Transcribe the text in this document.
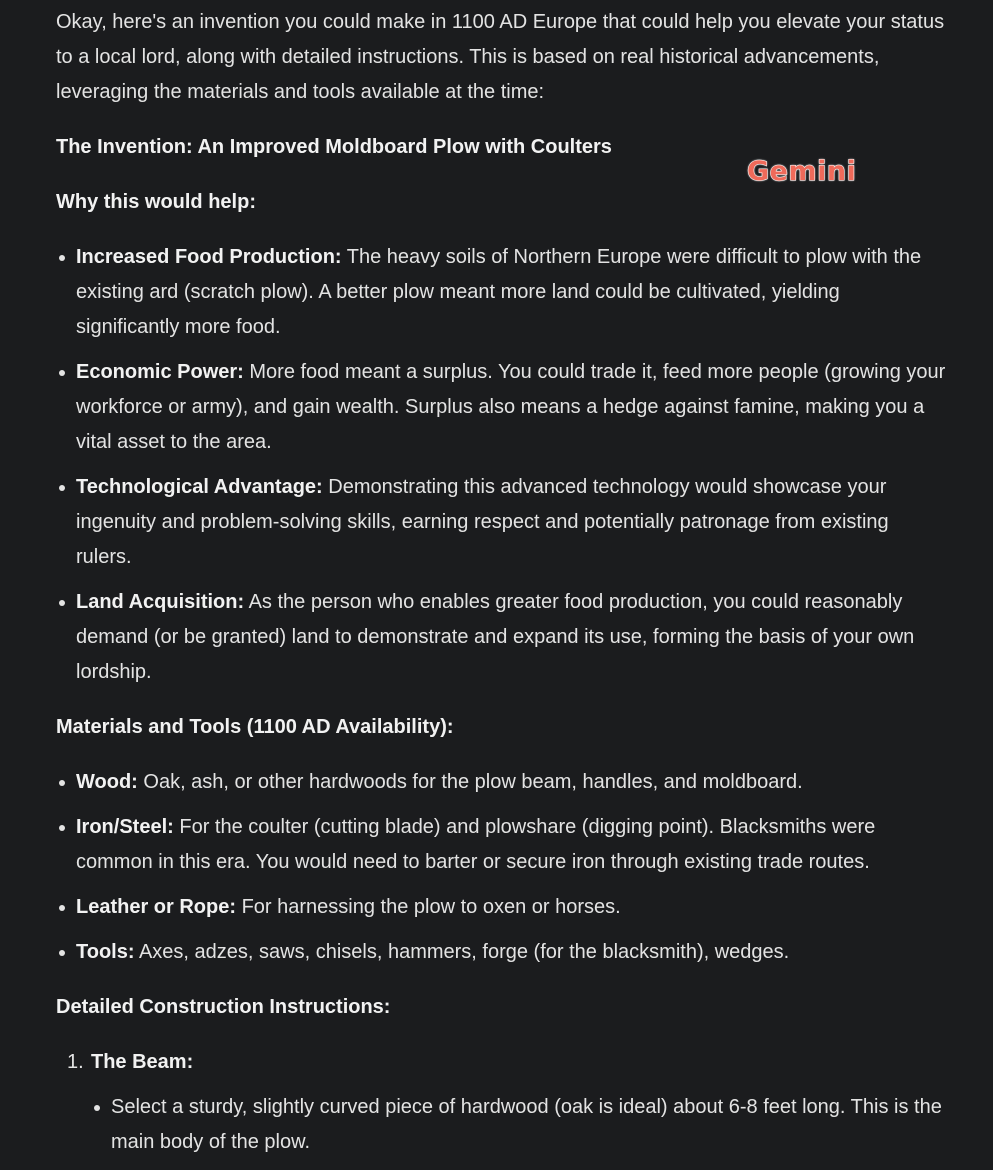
Okay, here's an invention you could make in 1100 AD Europe that could help you elevate your status to a local lord, along with detailed instructions. This is based on real historical advancements, leveraging the materials and tools available at the time:

The Invention: An Improved Moldboard Plow with Coulters

Why this would help:

Increased Food Production: The heavy soils of Northern Europe were difficult to plow with the existing ard (scratch plow). A better plow meant more land could be cultivated, yielding significantly more food.
Economic Power: More food meant a surplus. You could trade it, feed more people (growing your workforce or army), and gain wealth. Surplus also means a hedge against famine, making you a vital asset to the area.
Technological Advantage: Demonstrating this advanced technology would showcase your ingenuity and problem-solving skills, earning respect and potentially patronage from existing rulers.
Land Acquisition: As the person who enables greater food production, you could reasonably demand (or be granted) land to demonstrate and expand its use, forming the basis of your own lordship.

Materials and Tools (1100 AD Availability):

Wood: Oak, ash, or other hardwoods for the plow beam, handles, and moldboard.
Iron/Steel: For the coulter (cutting blade) and plowshare (digging point). Blacksmiths were common in this era. You would need to barter or secure iron through existing trade routes.
Leather or Rope: For harnessing the plow to oxen or horses.
Tools: Axes, adzes, saws, chisels, hammers, forge (for the blacksmith), wedges.

Detailed Construction Instructions:

1. The Beam:

Select a sturdy, slightly curved piece of hardwood (oak is ideal) about 6-8 feet long. This is the main body of the plow.
Gemini
